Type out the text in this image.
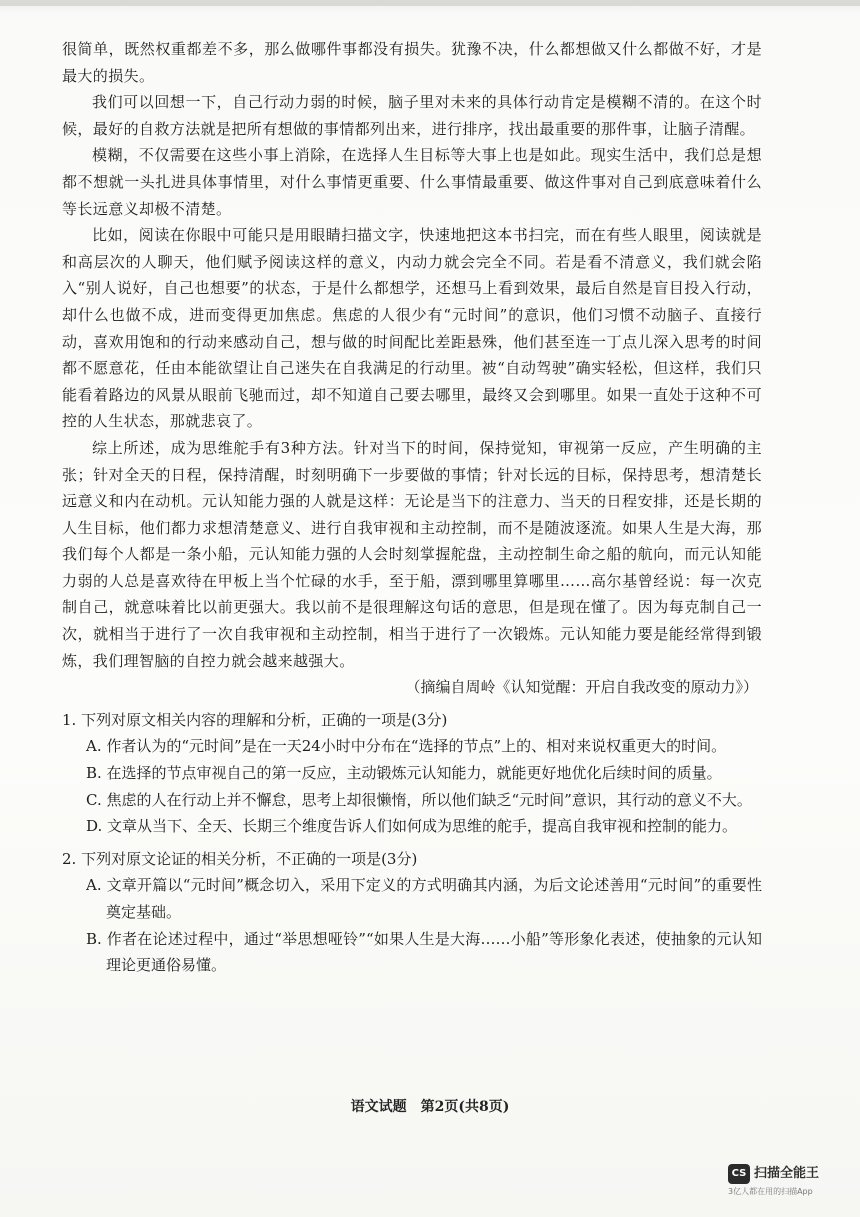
很简单，既然权重都差不多，那么做哪件事都没有损失。犹豫不决，什么都想做又什么都做不好，才是最大的损失。

我们可以回想一下，自己行动力弱的时候，脑子里对未来的具体行动肯定是模糊不清的。在这个时候，最好的自救方法就是把所有想做的事情都列出来，进行排序，找出最重要的那件事，让脑子清醒。

模糊，不仅需要在这些小事上消除，在选择人生目标等大事上也是如此。现实生活中，我们总是想都不想就一头扎进具体事情里，对什么事情更重要、什么事情最重要、做这件事对自己到底意味着什么等长远意义却极不清楚。

比如，阅读在你眼中可能只是用眼睛扫描文字，快速地把这本书扫完，而在有些人眼里，阅读就是和高层次的人聊天，他们赋予阅读这样的意义，内动力就会完全不同。若是看不清意义，我们就会陷入“别人说好，自己也想要”的状态，于是什么都想学，还想马上看到效果，最后自然是盲目投入行动，却什么也做不成，进而变得更加焦虑。焦虑的人很少有“元时间”的意识，他们习惯不动脑子、直接行动，喜欢用饱和的行动来感动自己，想与做的时间配比差距悬殊，他们甚至连一丁点儿深入思考的时间都不愿意花，任由本能欲望让自己迷失在自我满足的行动里。被“自动驾驶”确实轻松，但这样，我们只能看着路边的风景从眼前飞驰而过，却不知道自己要去哪里，最终又会到哪里。如果一直处于这种不可控的人生状态，那就悲哀了。

综上所述，成为思维舵手有3种方法。针对当下的时间，保持觉知，审视第一反应，产生明确的主张；针对全天的日程，保持清醒，时刻明确下一步要做的事情；针对长远的目标，保持思考，想清楚长远意义和内在动机。元认知能力强的人就是这样：无论是当下的注意力、当天的日程安排，还是长期的人生目标，他们都力求想清楚意义、进行自我审视和主动控制，而不是随波逐流。如果人生是大海，那我们每个人都是一条小船，元认知能力强的人会时刻掌握舵盘，主动控制生命之船的航向，而元认知能力弱的人总是喜欢待在甲板上当个忙碌的水手，至于船，漂到哪里算哪里……高尔基曾经说：每一次克制自己，就意味着比以前更强大。我以前不是很理解这句话的意思，但是现在懂了。因为每克制自己一次，就相当于进行了一次自我审视和主动控制，相当于进行了一次锻炼。元认知能力要是能经常得到锻炼，我们理智脑的自控力就会越来越强大。

（摘编自周岭《认知觉醒：开启自我改变的原动力》）

1. 下列对原文相关内容的理解和分析，正确的一项是(3分)

A. 作者认为的“元时间”是在一天24小时中分布在“选择的节点”上的、相对来说权重更大的时间。

B. 在选择的节点审视自己的第一反应，主动锻炼元认知能力，就能更好地优化后续时间的质量。

C. 焦虑的人在行动上并不懈怠，思考上却很懒惰，所以他们缺乏“元时间”意识，其行动的意义不大。

D. 文章从当下、全天、长期三个维度告诉人们如何成为思维的舵手，提高自我审视和控制的能力。

2. 下列对原文论证的相关分析，不正确的一项是(3分)

A. 文章开篇以“元时间”概念切入，采用下定义的方式明确其内涵，为后文论述善用“元时间”的重要性奠定基础。

B. 作者在论述过程中，通过“举思想哑铃”“如果人生是大海……小船”等形象化表述，使抽象的元认知理论更通俗易懂。

语文试题　第2页(共8页)
CS 扫描全能王
3亿人都在用的扫描App
